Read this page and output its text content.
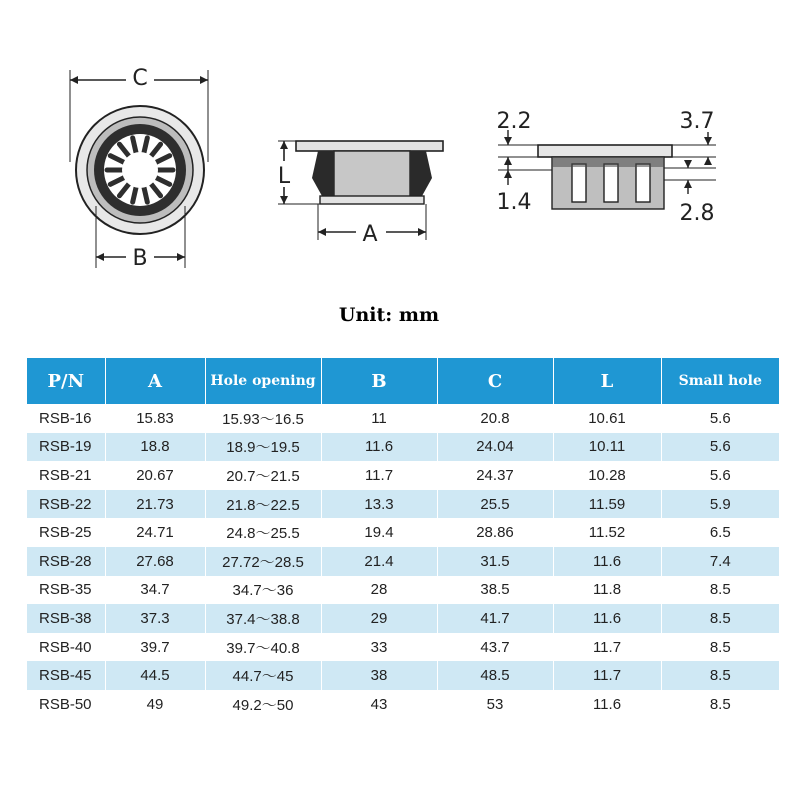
C
B
L
A
2.2
1.4
3.7
2.8
Unit: mm
P/N	A	Hole opening	B	C	L	Small hole
RSB-16	15.83	15.93～16.5	11	20.8	10.61	5.6
RSB-19	18.8	18.9～19.5	11.6	24.04	10.11	5.6
RSB-21	20.67	20.7～21.5	11.7	24.37	10.28	5.6
RSB-22	21.73	21.8～22.5	13.3	25.5	11.59	5.9
RSB-25	24.71	24.8～25.5	19.4	28.86	11.52	6.5
RSB-28	27.68	27.72～28.5	21.4	31.5	11.6	7.4
RSB-35	34.7	34.7～36	28	38.5	11.8	8.5
RSB-38	37.3	37.4～38.8	29	41.7	11.6	8.5
RSB-40	39.7	39.7～40.8	33	43.7	11.7	8.5
RSB-45	44.5	44.7～45	38	48.5	11.7	8.5
RSB-50	49	49.2～50	43	53	11.6	8.5
